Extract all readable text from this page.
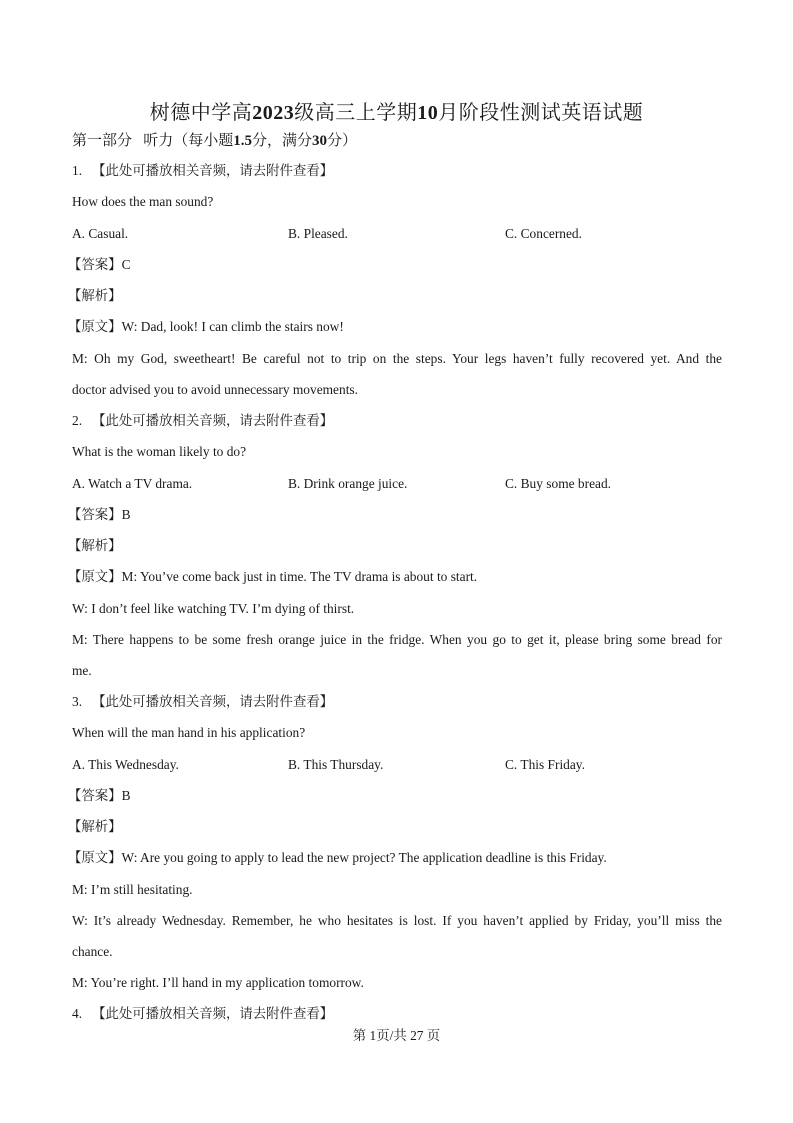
树德中学高2023级高三上学期10月阶段性测试英语试题
第一部分 听力（每小题1.5分，满分30分）
1. 【此处可播放相关音频，请去附件查看】
How does the man sound?
A. Casual.	B. Pleased.	C. Concerned.
【答案】C
【解析】
【原文】W: Dad, look! I can climb the stairs now!
M: Oh my God, sweetheart! Be careful not to trip on the steps. Your legs haven’t fully recovered yet. And the
doctor advised you to avoid unnecessary movements.
2. 【此处可播放相关音频，请去附件查看】
What is the woman likely to do?
A. Watch a TV drama.	B. Drink orange juice.	C. Buy some bread.
【答案】B
【解析】
【原文】M: You’ve come back just in time. The TV drama is about to start.
W: I don’t feel like watching TV. I’m dying of thirst.
M: There happens to be some fresh orange juice in the fridge. When you go to get it, please bring some bread for
me.
3. 【此处可播放相关音频，请去附件查看】
When will the man hand in his application?
A. This Wednesday.	B. This Thursday.	C. This Friday.
【答案】B
【解析】
【原文】W: Are you going to apply to lead the new project? The application deadline is this Friday.
M: I’m still hesitating.
W: It’s already Wednesday. Remember, he who hesitates is lost. If you haven’t applied by Friday, you’ll miss the
chance.
M: You’re right. I’ll hand in my application tomorrow.
4. 【此处可播放相关音频，请去附件查看】
第 1页/共 27 页
